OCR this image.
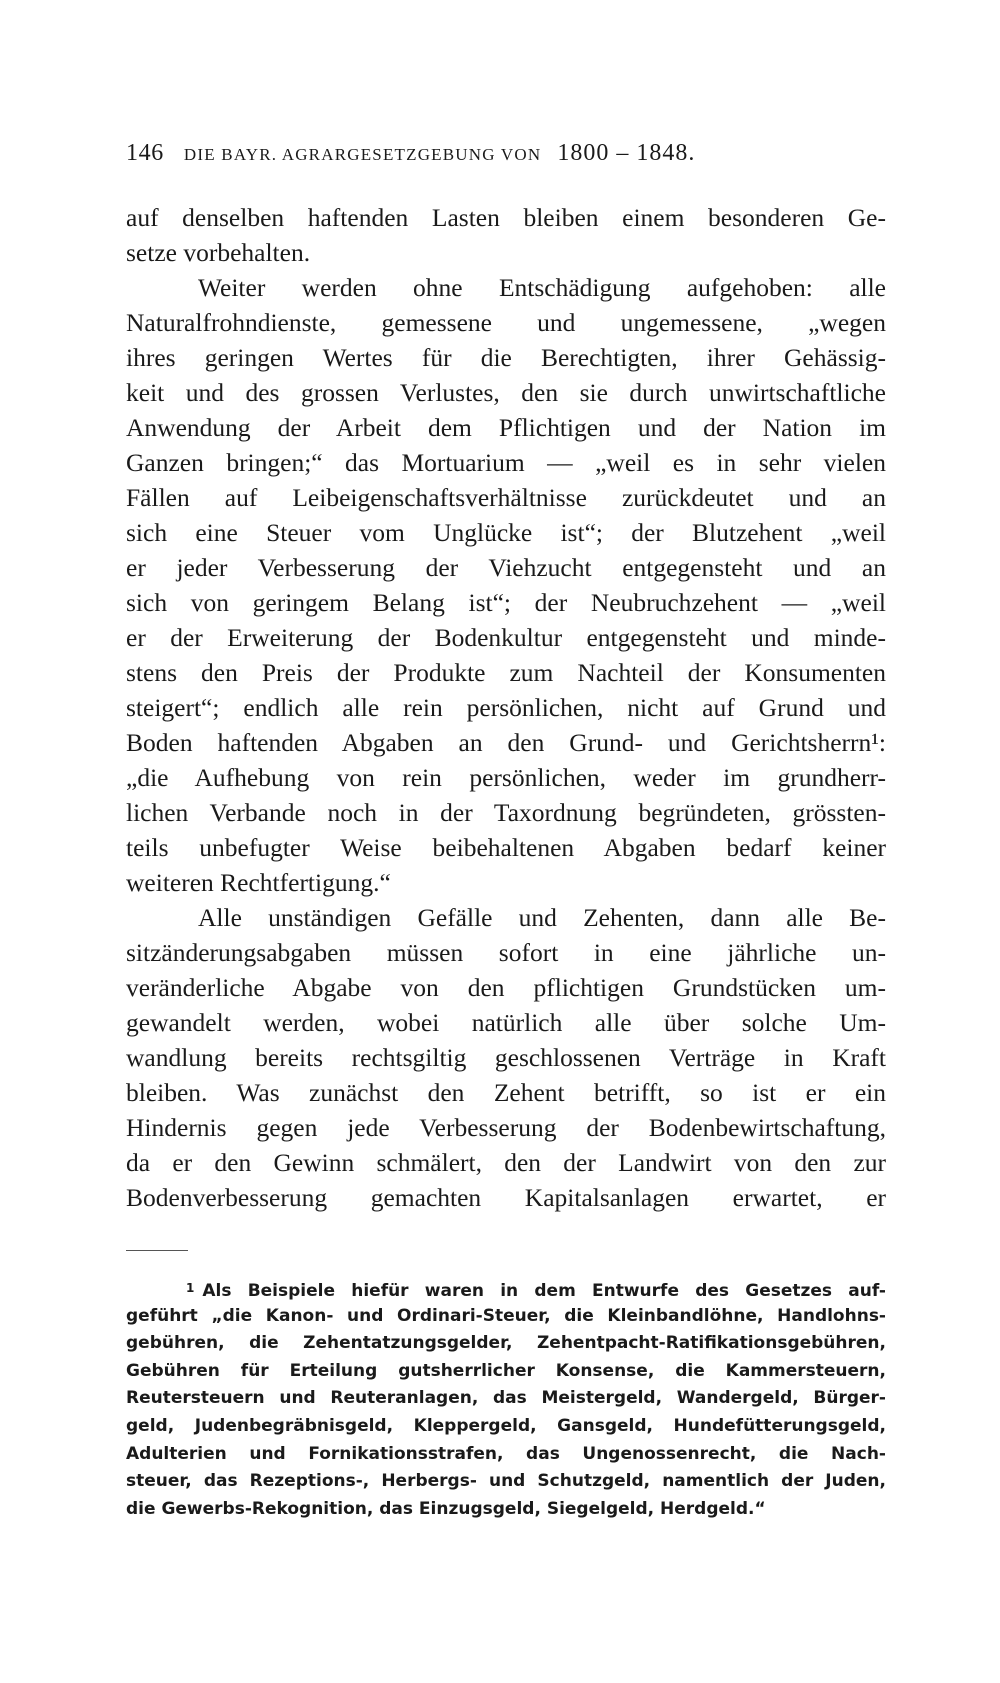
146 DIE BAYR. AGRARGESETZGEBUNG VON 1800 – 1848.
auf denselben haftenden Lasten bleiben einem besonderen Ge-
setze vorbehalten.
Weiter werden ohne Entschädigung aufgehoben: alle
Naturalfrohndienste, gemessene und ungemessene, „wegen
ihres geringen Wertes für die Berechtigten, ihrer Gehässig-
keit und des grossen Verlustes, den sie durch unwirtschaftliche
Anwendung der Arbeit dem Pflichtigen und der Nation im
Ganzen bringen;“ das Mortuarium — „weil es in sehr vielen
Fällen auf Leibeigenschaftsverhältnisse zurückdeutet und an
sich eine Steuer vom Unglücke ist“; der Blutzehent „weil
er jeder Verbesserung der Viehzucht entgegensteht und an
sich von geringem Belang ist“; der Neubruchzehent — „weil
er der Erweiterung der Bodenkultur entgegensteht und minde-
stens den Preis der Produkte zum Nachteil der Konsumenten
steigert“; endlich alle rein persönlichen, nicht auf Grund und
Boden haftenden Abgaben an den Grund- und Gerichtsherrn¹:
„die Aufhebung von rein persönlichen, weder im grundherr-
lichen Verbande noch in der Taxordnung begründeten, grössten-
teils unbefugter Weise beibehaltenen Abgaben bedarf keiner
weiteren Rechtfertigung.“
Alle unständigen Gefälle und Zehenten, dann alle Be-
sitzänderungsabgaben müssen sofort in eine jährliche un-
veränderliche Abgabe von den pflichtigen Grundstücken um-
gewandelt werden, wobei natürlich alle über solche Um-
wandlung bereits rechtsgiltig geschlossenen Verträge in Kraft
bleiben. Was zunächst den Zehent betrifft, so ist er ein
Hindernis gegen jede Verbesserung der Bodenbewirtschaftung,
da er den Gewinn schmälert, den der Landwirt von den zur
Bodenverbesserung gemachten Kapitalsanlagen erwartet, er
$^1$ Als Beispiele hiefür waren in dem Entwurfe des Gesetzes auf-
geführt „die Kanon- und Ordinari-Steuer, die Kleinbandlöhne, Handlohns-
gebühren, die Zehentatzungsgelder, Zehentpacht-Ratifikationsgebühren,
Gebühren für Erteilung gutsherrlicher Konsense, die Kammersteuern,
Reutersteuern und Reuteranlagen, das Meistergeld, Wandergeld, Bürger-
geld, Judenbegräbnisgeld, Kleppergeld, Gansgeld, Hundefütterungsgeld,
Adulterien und Fornikationsstrafen, das Ungenossenrecht, die Nach-
steuer, das Rezeptions-, Herbergs- und Schutzgeld, namentlich der Juden,
die Gewerbs-Rekognition, das Einzugsgeld, Siegelgeld, Herdgeld.“
